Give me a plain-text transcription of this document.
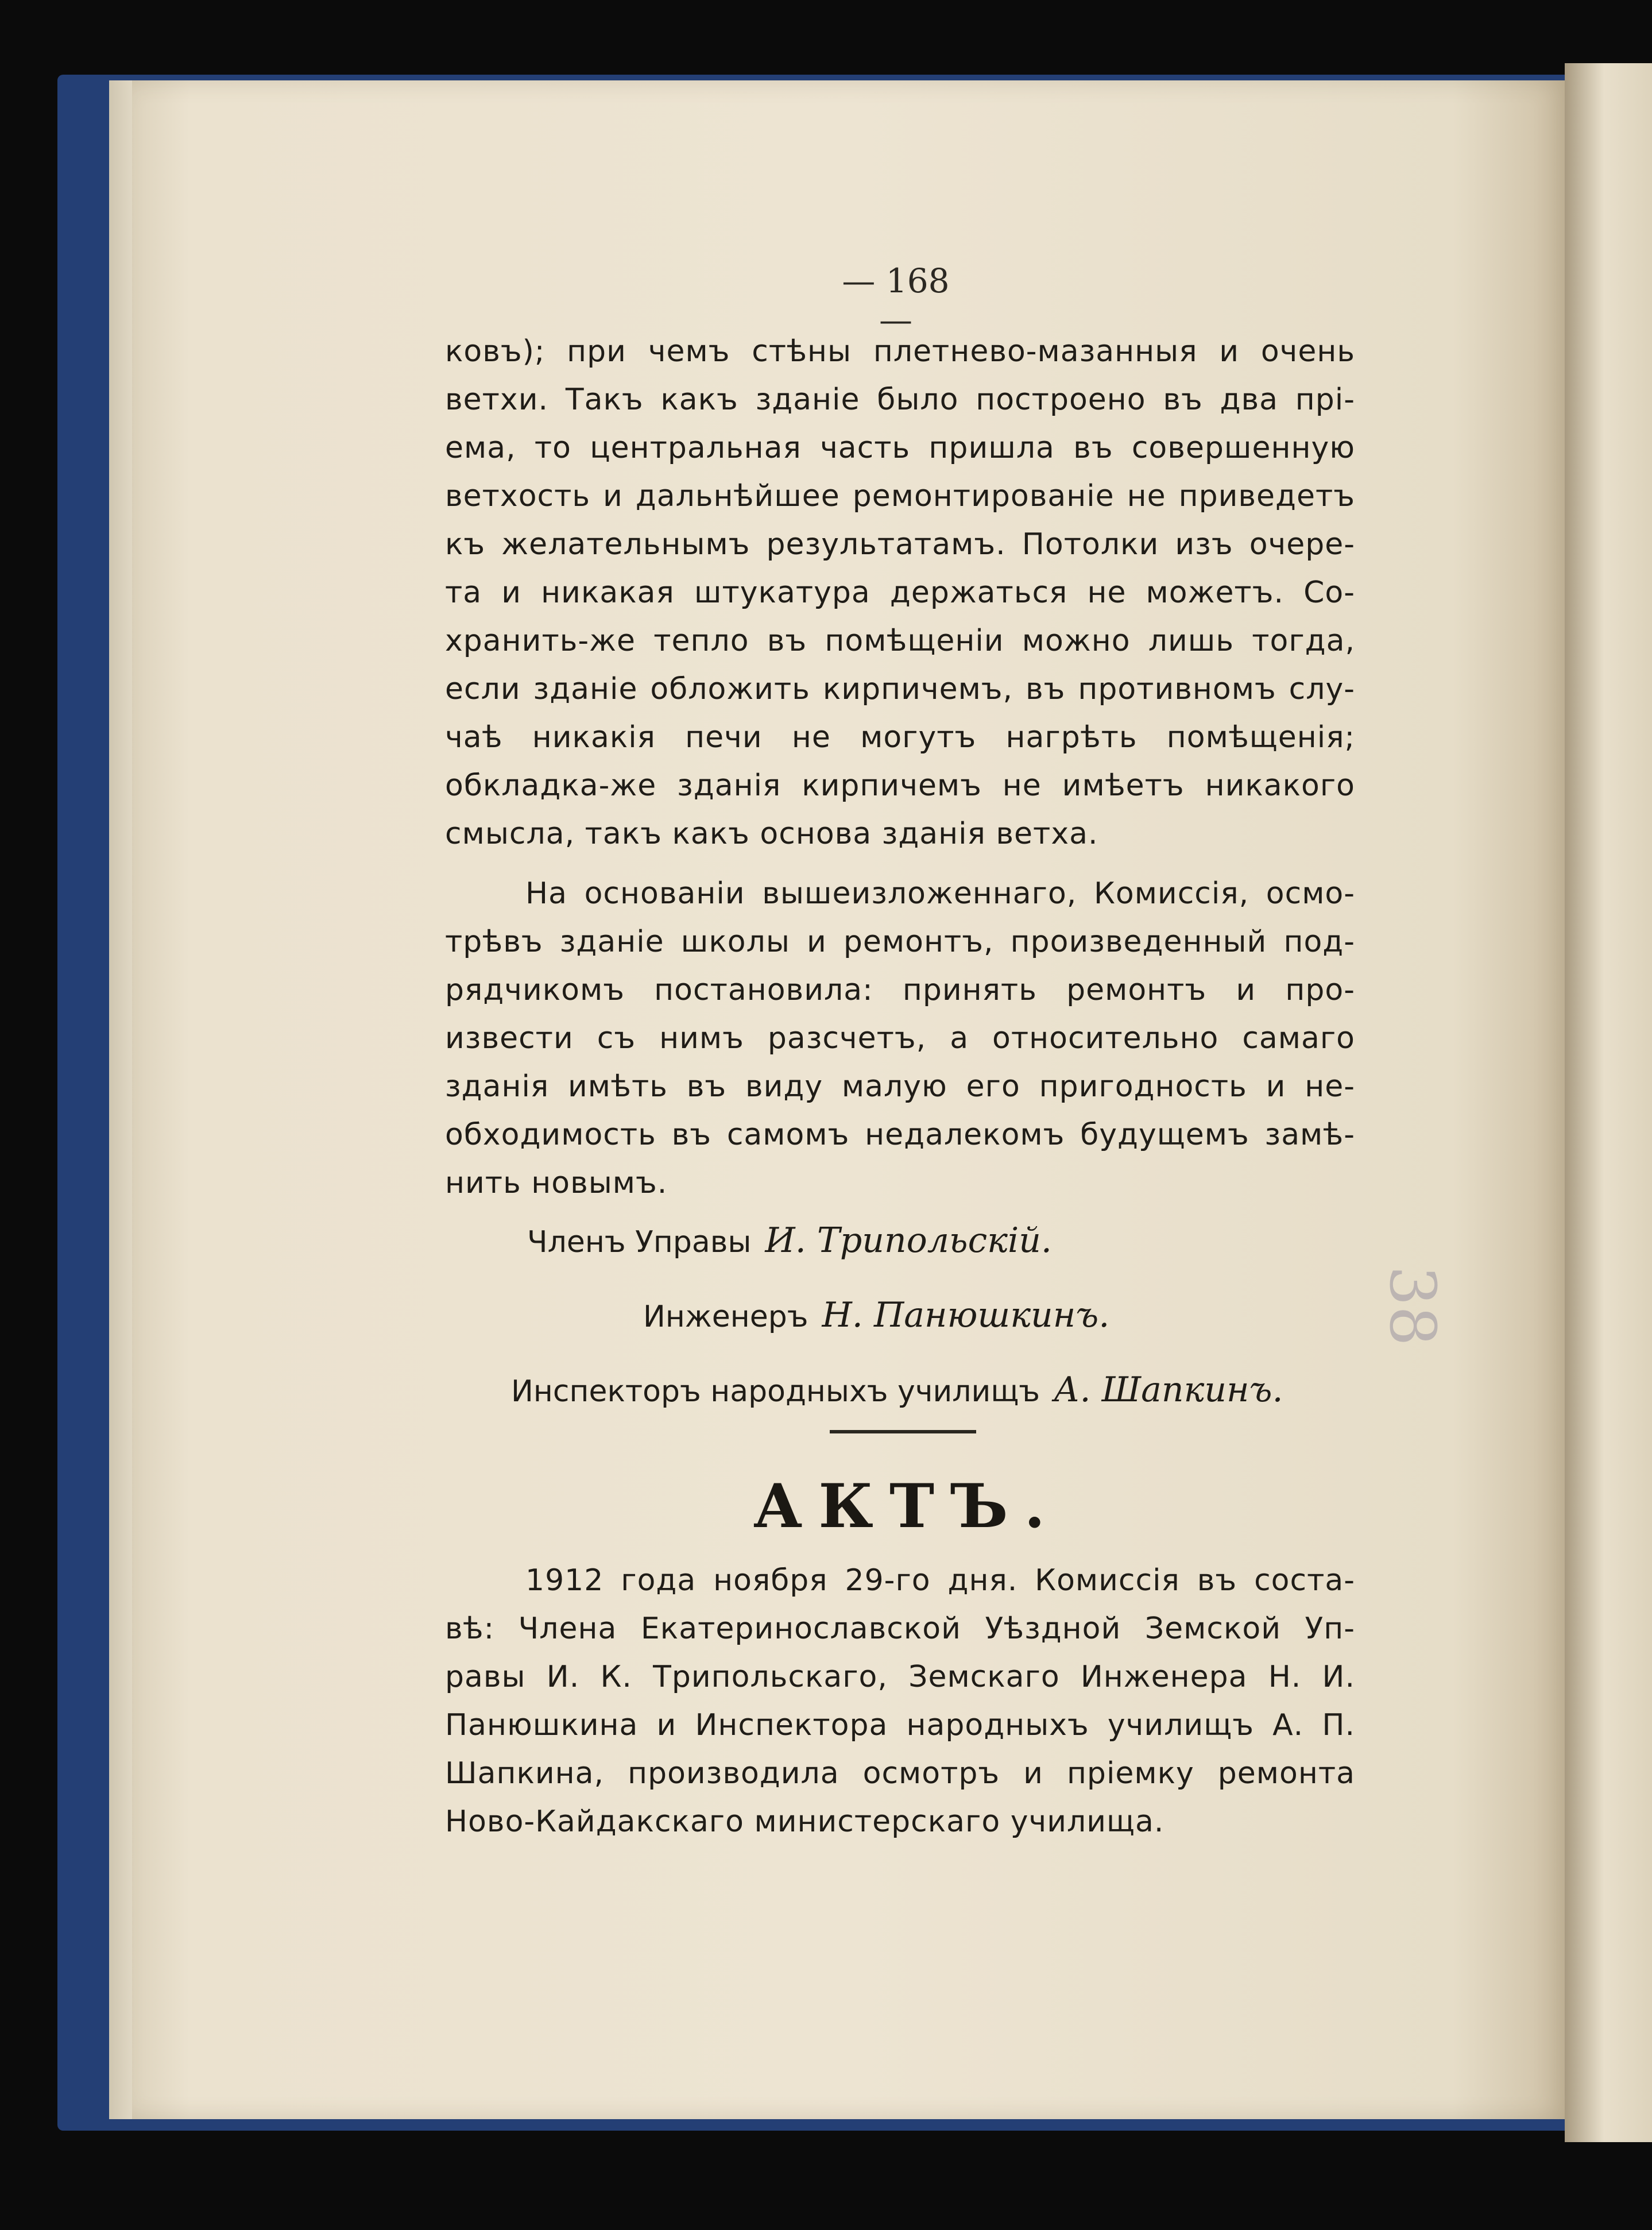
38
— 168 —

ковъ); при чемъ стѣны плетнево-мазанныя и очень

ветхи. Такъ какъ зданіе было построено въ два прі-

ема, то центральная часть пришла въ совершенную

ветхость и дальнѣйшее ремонтированіе не приведетъ

къ желательнымъ результатамъ. Потолки изъ очере-

та и никакая штукатура держаться не можетъ. Со-

хранить-же тепло въ помѣщеніи можно лишь тогда,

если зданіе обложить кирпичемъ, въ противномъ слу-

чаѣ никакія печи не могутъ нагрѣть помѣщенія;

обкладка-же зданія кирпичемъ не имѣетъ никакого

смысла, такъ какъ основа зданія ветха.

На основаніи вышеизложеннаго, Комиссія, осмо-

трѣвъ зданіе школы и ремонтъ, произведенный под-

рядчикомъ постановила: принять ремонтъ и про-

извести съ нимъ разсчетъ, а относительно самаго

зданія имѣть въ виду малую его пригодность и не-

обходимость въ самомъ недалекомъ будущемъ замѣ-

нить новымъ.

Членъ Управы И. Трипольскій.
Инженеръ Н. Панюшкинъ.
Инспекторъ народныхъ училищъ А. Шапкинъ.
АКТЪ.

1912 года ноября 29-го дня. Комиссія въ соста-

вѣ: Члена Екатеринославской Уѣздной Земской Уп-

равы И. К. Трипольскаго, Земскаго Инженера Н. И.

Панюшкина и Инспектора народныхъ училищъ А. П.

Шапкина, производила осмотръ и пріемку ремонта

Ново-Кайдакскаго министерскаго училища.
